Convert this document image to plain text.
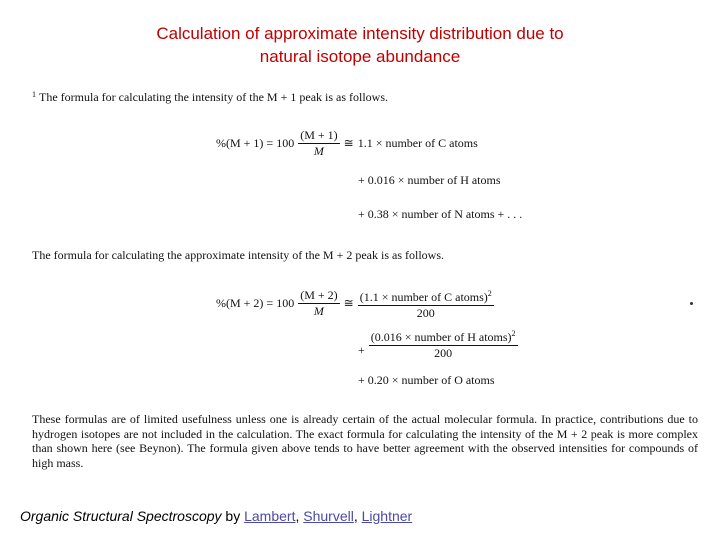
Calculation of approximate intensity distribution due to
natural isotope abundance
$^1$ The formula for calculating the intensity of the M + 1 peak is as follows.
$\%(M + 1) = 100 \frac{(M + 1)}{M}$ ≅ 1.1 × number of C atoms
+ 0.016 × number of H atoms
+ 0.38 × number of N atoms + . . .
The formula for calculating the approximate intensity of the M + 2 peak is as follows.
$\%(M + 2) = 100 \frac{(M + 2)}{M}$ ≅ $\frac{(1.1 \times number of C atoms)^2}{200}$
+ $\frac{(0.016 \times number of H atoms)^2}{200}$
+ 0.20 × number of O atoms
These formulas are of limited usefulness unless one is already certain of the actual molecular formula. In practice, contributions due to hydrogen isotopes are not included in the calculation. The exact formula for calculating the intensity of the M + 2 peak is more complex than shown here (see Beynon). The formula given above tends to have better agreement with the observed intensities for compounds of high mass.
Organic Structural Spectroscopy by Lambert, Shurvell, Lightner
